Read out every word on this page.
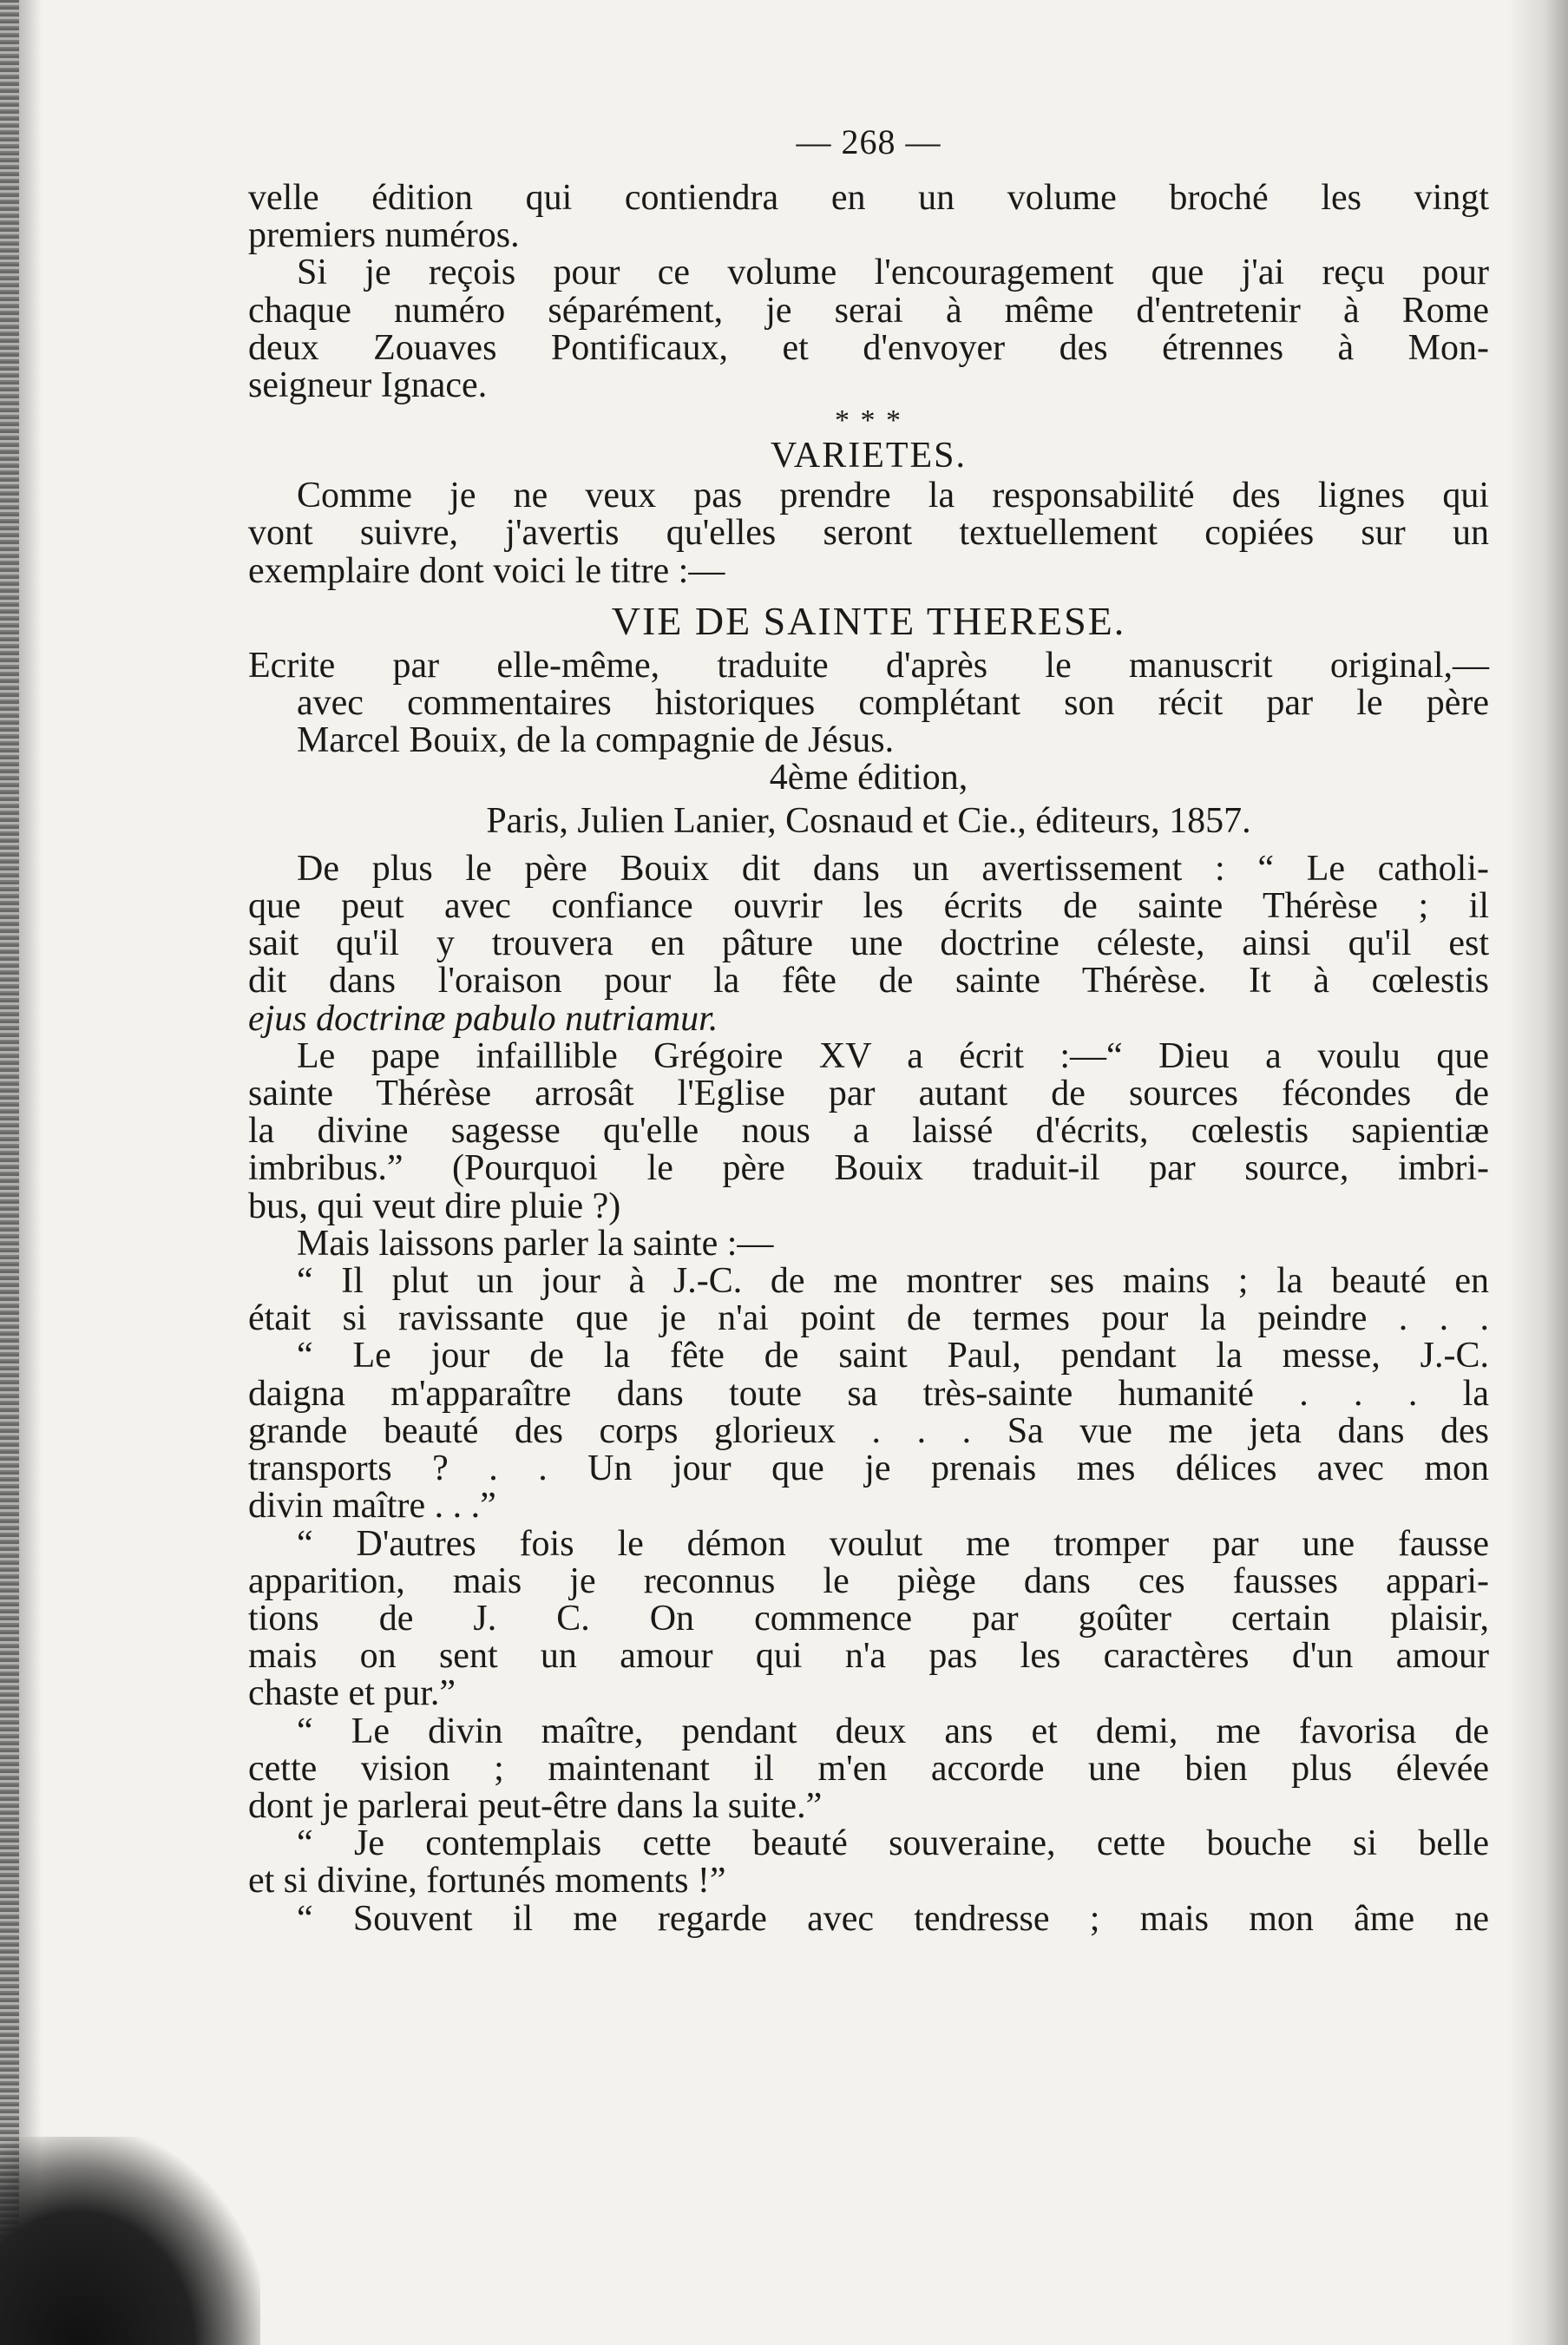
— 268 —
velle édition qui contiendra en un volume broché les vingt
premiers numéros.
Si je reçois pour ce volume l'encouragement que j'ai reçu pour
chaque numéro séparément, je serai à même d'entretenir à Rome
deux Zouaves Pontificaux, et d'envoyer des étrennes à Mon-
seigneur Ignace.
* * *
VARIETES.
Comme je ne veux pas prendre la responsabilité des lignes qui
vont suivre, j'avertis qu'elles seront textuellement copiées sur un
exemplaire dont voici le titre :—
VIE DE SAINTE THERESE.
Ecrite par elle-même, traduite d'après le manuscrit original,—
avec commentaires historiques complétant son récit par le père
Marcel Bouix, de la compagnie de Jésus.
4ème édition,
Paris, Julien Lanier, Cosnaud et Cie., éditeurs, 1857.
De plus le père Bouix dit dans un avertissement : “ Le catholi-
que peut avec confiance ouvrir les écrits de sainte Thérèse ; il
sait qu'il y trouvera en pâture une doctrine céleste, ainsi qu'il est
dit dans l'oraison pour la fête de sainte Thérèse. It à cœlestis
ejus doctrinæ pabulo nutriamur.
Le pape infaillible Grégoire XV a écrit :—“ Dieu a voulu que
sainte Thérèse arrosât l'Eglise par autant de sources fécondes de
la divine sagesse qu'elle nous a laissé d'écrits, cœlestis sapientiæ
imbribus.” (Pourquoi le père Bouix traduit-il par source, imbri-
bus, qui veut dire pluie ?)
Mais laissons parler la sainte :—
“ Il plut un jour à J.-C. de me montrer ses mains ; la beauté en
était si ravissante que je n'ai point de termes pour la peindre . . .
“ Le jour de la fête de saint Paul, pendant la messe, J.-C.
daigna m'apparaître dans toute sa très-sainte humanité . . . la
grande beauté des corps glorieux . . . Sa vue me jeta dans des
transports ? . . Un jour que je prenais mes délices avec mon
divin maître . . .”
“ D'autres fois le démon voulut me tromper par une fausse
apparition, mais je reconnus le piège dans ces fausses appari-
tions de J. C. On commence par goûter certain plaisir,
mais on sent un amour qui n'a pas les caractères d'un amour
chaste et pur.”
“ Le divin maître, pendant deux ans et demi, me favorisa de
cette vision ; maintenant il m'en accorde une bien plus élevée
dont je parlerai peut-être dans la suite.”
“ Je contemplais cette beauté souveraine, cette bouche si belle
et si divine, fortunés moments !”
“ Souvent il me regarde avec tendresse ; mais mon âme ne
